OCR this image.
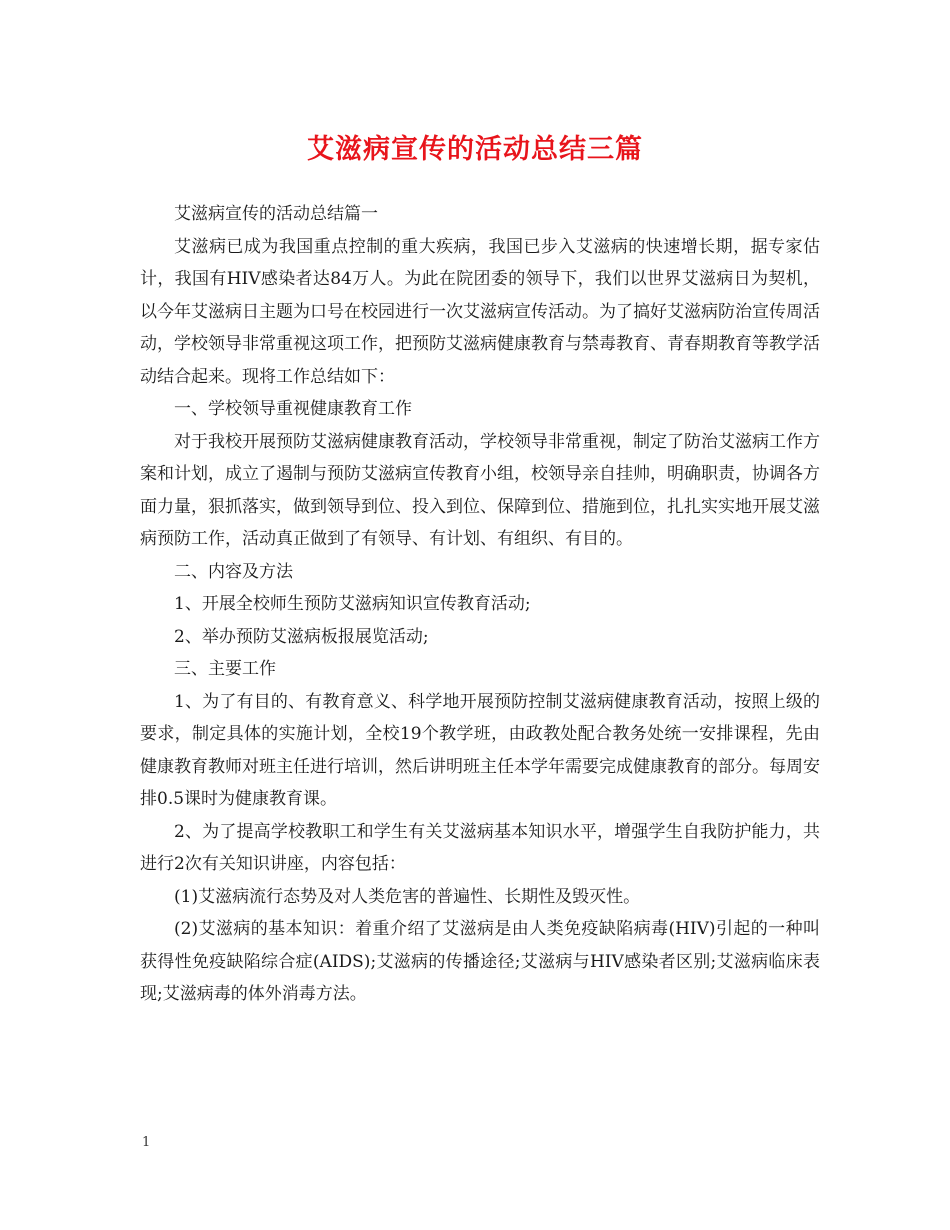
艾滋病宣传的活动总结三篇

艾滋病宣传的活动总结篇一

艾滋病已成为我国重点控制的重大疾病，我国已步入艾滋病的快速增长期，据专家估计，我国有HIV感染者达84万人。为此在院团委的领导下，我们以世界艾滋病日为契机，以今年艾滋病日主题为口号在校园进行一次艾滋病宣传活动。为了搞好艾滋病防治宣传周活动，学校领导非常重视这项工作，把预防艾滋病健康教育与禁毒教育、青春期教育等教学活动结合起来。现将工作总结如下：

一、学校领导重视健康教育工作

对于我校开展预防艾滋病健康教育活动，学校领导非常重视，制定了防治艾滋病工作方案和计划，成立了遏制与预防艾滋病宣传教育小组，校领导亲自挂帅，明确职责，协调各方面力量，狠抓落实，做到领导到位、投入到位、保障到位、措施到位，扎扎实实地开展艾滋病预防工作，活动真正做到了有领导、有计划、有组织、有目的。

二、内容及方法

1、开展全校师生预防艾滋病知识宣传教育活动;

2、举办预防艾滋病板报展览活动;

三、主要工作

1、为了有目的、有教育意义、科学地开展预防控制艾滋病健康教育活动，按照上级的要求，制定具体的实施计划，全校19个教学班，由政教处配合教务处统一安排课程，先由健康教育教师对班主任进行培训，然后讲明班主任本学年需要完成健康教育的部分。每周安排0.5课时为健康教育课。

2、为了提高学校教职工和学生有关艾滋病基本知识水平，增强学生自我防护能力，共进行2次有关知识讲座，内容包括：

(1)艾滋病流行态势及对人类危害的普遍性、长期性及毁灭性。

(2)艾滋病的基本知识：着重介绍了艾滋病是由人类免疫缺陷病毒(HIV)引起的一种叫获得性免疫缺陷综合症(AIDS);艾滋病的传播途径;艾滋病与HIV感染者区别;艾滋病临床表现;艾滋病毒的体外消毒方法。

1
